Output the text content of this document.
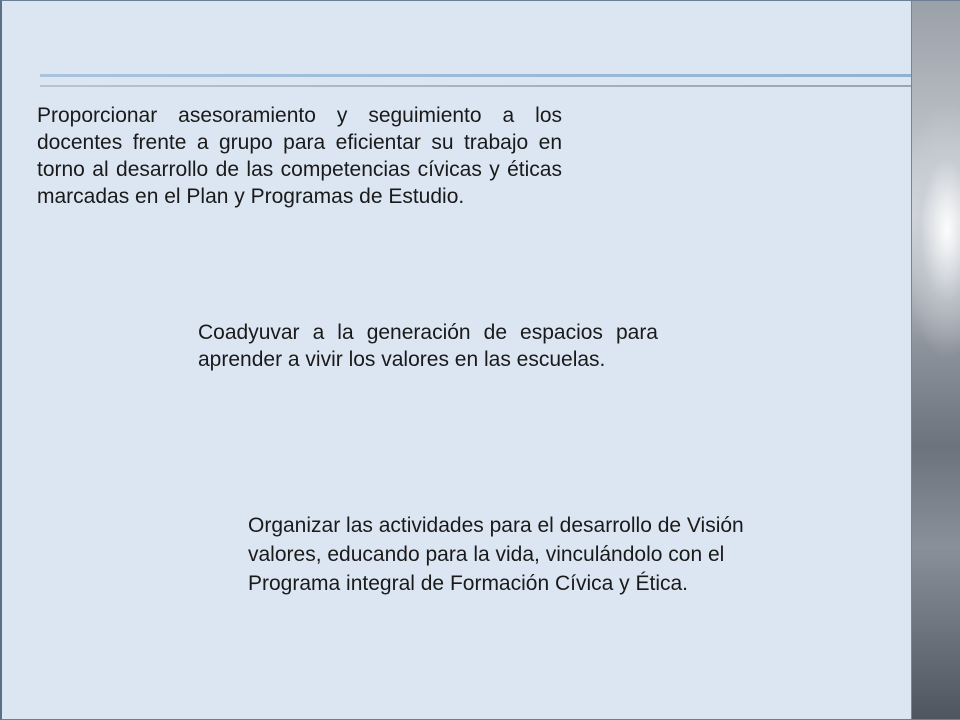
Proporcionar asesoramiento y seguimiento a los docentes frente a grupo para eficientar su trabajo en torno al desarrollo de las competencias cívicas y éticas marcadas en el Plan y Programas de Estudio.

Coadyuvar a la generación de espacios para aprender a vivir los valores en las escuelas.

Organizar las actividades para el desarrollo de Visión
valores, educando para la vida, vinculándolo con el
Programa integral de Formación Cívica y Ética.
